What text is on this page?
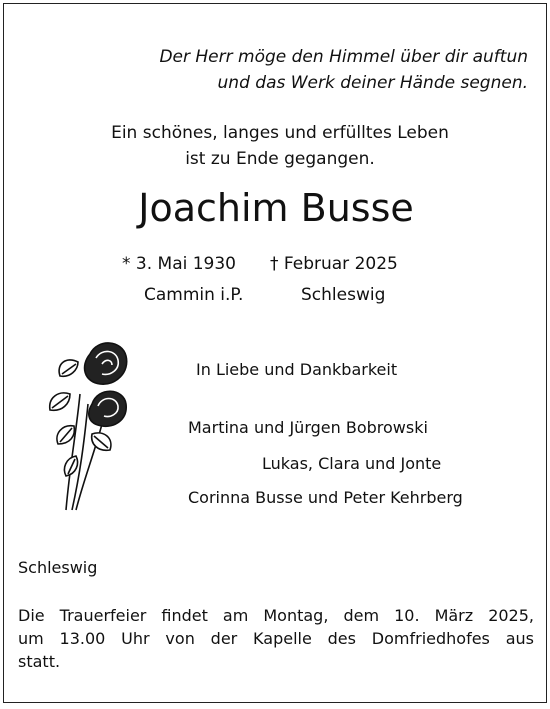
Der Herr möge den Himmel über dir auftun
und das Werk deiner Hände segnen.
Ein schönes, langes und erfülltes Leben
ist zu Ende gegangen.
Joachim Busse
* 3. Mai 1930 † Februar 2025
Cammin i.P.	Schleswig
In Liebe und Dankbarkeit
Martina und Jürgen Bobrowski
Lukas, Clara und Jonte
Corinna Busse und Peter Kehrberg
Schleswig
Die Trauerfeier findet am Montag, dem 10. März 2025,
um 13.00 Uhr von der Kapelle des Domfriedhofes aus
statt.
